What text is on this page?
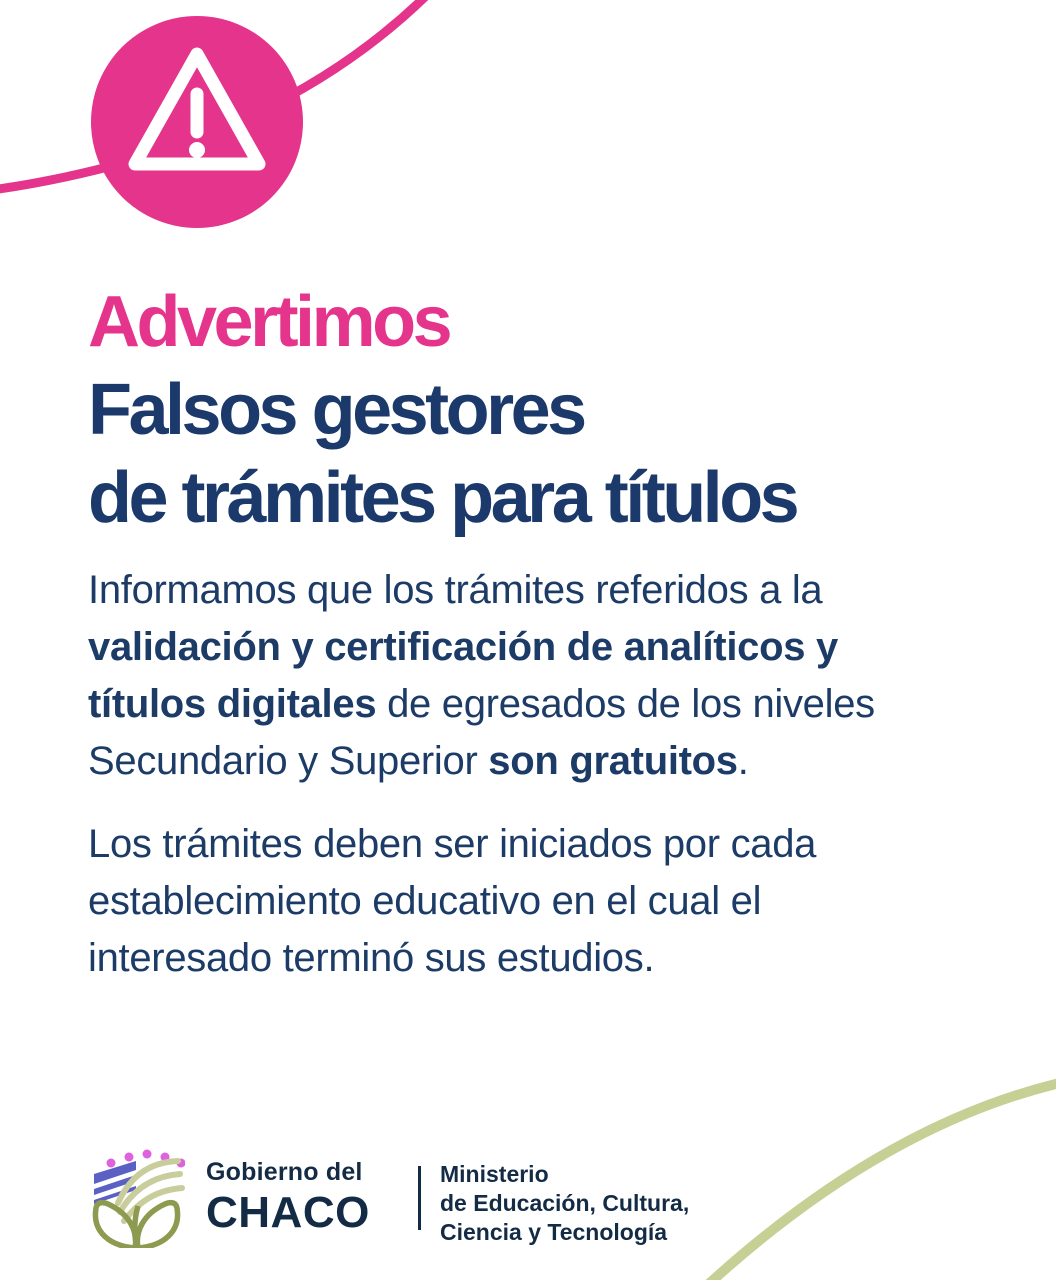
Advertimos
Falsos gestores
de trámites para títulos

Informamos que los trámites referidos a la
validación y certificación de analíticos y
títulos digitales de egresados de los niveles
Secundario y Superior son gratuitos.

Los trámites deben ser iniciados por cada
establecimiento educativo en el cual el
interesado terminó sus estudios.

Gobierno del
CHACO
Ministerio
de Educación, Cultura,
Ciencia y Tecnología
